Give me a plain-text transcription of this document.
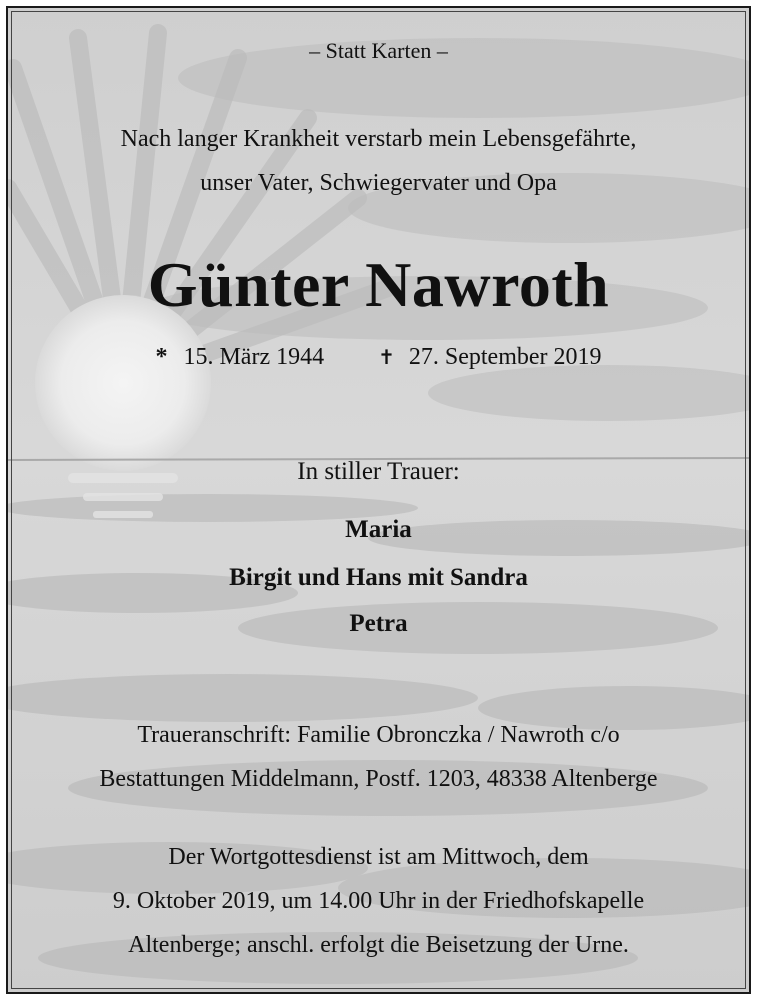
– Statt Karten –
Nach langer Krankheit verstarb mein Lebensgefährte,
unser Vater, Schwiegervater und Opa
Günter Nawroth
* 15. März 1944	✝ 27. September 2019
In stiller Trauer:
Maria
Birgit und Hans mit Sandra
Petra
Traueranschrift: Familie Obronczka / Nawroth c/o
Bestattungen Middelmann, Postf. 1203, 48338 Altenberge
Der Wortgottesdienst ist am Mittwoch, dem
9. Oktober 2019, um 14.00 Uhr in der Friedhofskapelle
Altenberge; anschl. erfolgt die Beisetzung der Urne.
